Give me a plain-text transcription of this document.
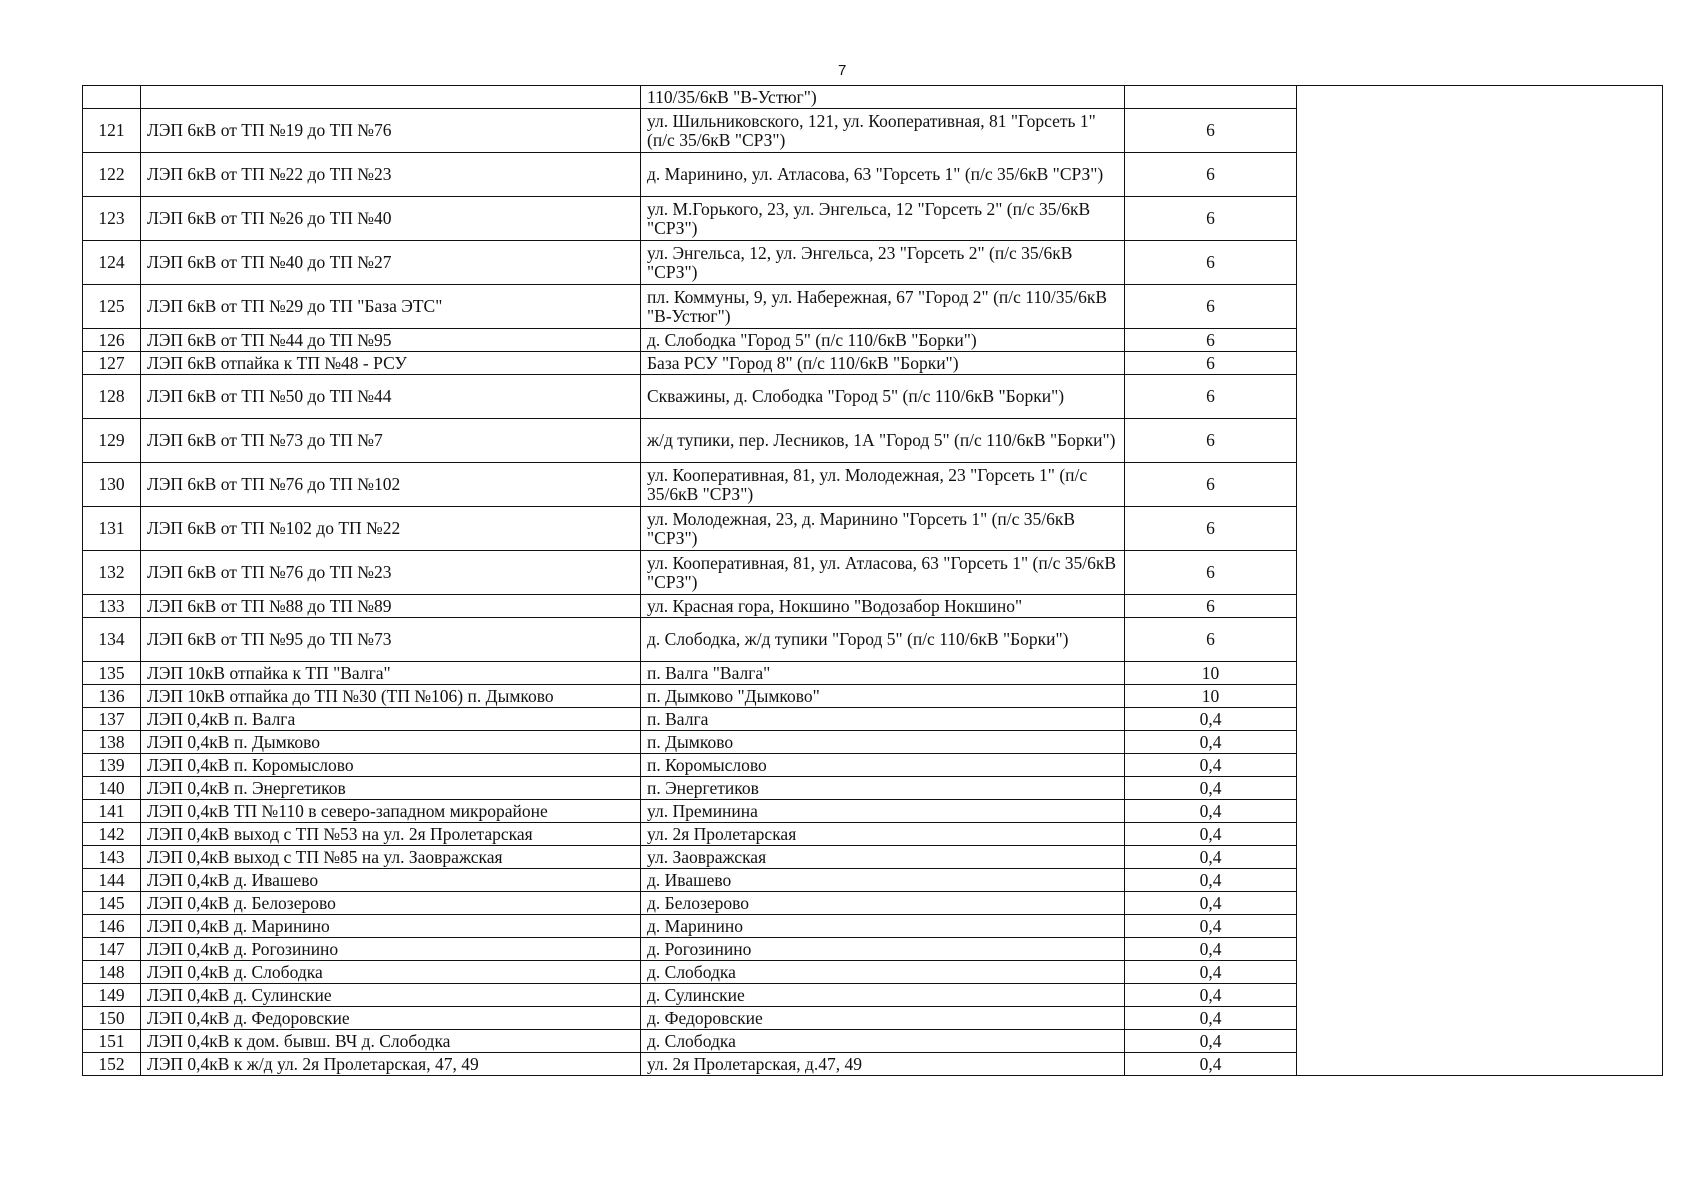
7
		110/35/6кВ "В-Устюг")		
121	ЛЭП 6кВ от ТП №19 до ТП №76	ул. Шильниковского, 121, ул. Кооперативная, 81 "Горсеть 1" (п/с 35/6кВ "СРЗ")	6	
122	ЛЭП 6кВ от ТП №22 до ТП №23	д. Маринино, ул. Атласова, 63 "Горсеть 1" (п/с 35/6кВ "СРЗ")	6	
123	ЛЭП 6кВ от ТП №26 до ТП №40	ул. М.Горького, 23, ул. Энгельса, 12 "Горсеть 2" (п/с 35/6кВ "СРЗ")	6	
124	ЛЭП 6кВ от ТП №40 до ТП №27	ул. Энгельса, 12, ул. Энгельса, 23 "Горсеть 2" (п/с 35/6кВ "СРЗ")	6	
125	ЛЭП 6кВ от ТП №29 до ТП "База ЭТС"	пл. Коммуны, 9, ул. Набережная, 67 "Город 2" (п/с 110/35/6кВ "В-Устюг")	6	
126	ЛЭП 6кВ от ТП №44 до ТП №95	д. Слободка "Город 5" (п/с 110/6кВ "Борки")	6	
127	ЛЭП 6кВ отпайка к ТП №48 - РСУ	База РСУ "Город 8" (п/с 110/6кВ "Борки")	6	
128	ЛЭП 6кВ от ТП №50 до ТП №44	Скважины, д. Слободка "Город 5" (п/с 110/6кВ "Борки")	6	
129	ЛЭП 6кВ от ТП №73 до ТП №7	ж/д тупики, пер. Лесников, 1А "Город 5" (п/с 110/6кВ "Борки")	6	
130	ЛЭП 6кВ от ТП №76 до ТП №102	ул. Кооперативная, 81, ул. Молодежная, 23 "Горсеть 1" (п/с 35/6кВ "СРЗ")	6	
131	ЛЭП 6кВ от ТП №102 до ТП №22	ул. Молодежная, 23, д. Маринино "Горсеть 1" (п/с 35/6кВ "СРЗ")	6	
132	ЛЭП 6кВ от ТП №76 до ТП №23	ул. Кооперативная, 81, ул. Атласова, 63 "Горсеть 1" (п/с 35/6кВ "СРЗ")	6	
133	ЛЭП 6кВ от ТП №88 до ТП №89	ул. Красная гора, Нокшино "Водозабор Нокшино"	6	
134	ЛЭП 6кВ от ТП №95 до ТП №73	д. Слободка, ж/д тупики "Город 5" (п/с 110/6кВ "Борки")	6	
135	ЛЭП 10кВ отпайка к ТП "Валга"	п. Валга "Валга"	10	
136	ЛЭП 10кВ отпайка до ТП №30 (ТП №106) п. Дымково	п. Дымково "Дымково"	10	
137	ЛЭП 0,4кВ п. Валга	п. Валга	0,4	
138	ЛЭП 0,4кВ п. Дымково	п. Дымково	0,4	
139	ЛЭП 0,4кВ п. Коромыслово	п. Коромыслово	0,4	
140	ЛЭП 0,4кВ п. Энергетиков	п. Энергетиков	0,4	
141	ЛЭП 0,4кВ ТП №110 в северо-западном микрорайоне	ул. Преминина	0,4	
142	ЛЭП 0,4кВ выход с ТП №53 на ул. 2я Пролетарская	ул. 2я Пролетарская	0,4	
143	ЛЭП 0,4кВ выход с ТП №85 на ул. Заовражская	ул. Заовражская	0,4	
144	ЛЭП 0,4кВ д. Ивашево	д. Ивашево	0,4	
145	ЛЭП 0,4кВ д. Белозерово	д. Белозерово	0,4	
146	ЛЭП 0,4кВ д. Маринино	д. Маринино	0,4	
147	ЛЭП 0,4кВ д. Рогозинино	д. Рогозинино	0,4	
148	ЛЭП 0,4кВ д. Слободка	д. Слободка	0,4	
149	ЛЭП 0,4кВ д. Сулинские	д. Сулинские	0,4	
150	ЛЭП 0,4кВ д. Федоровские	д. Федоровские	0,4	
151	ЛЭП 0,4кВ к дом. бывш. ВЧ д. Слободка	д. Слободка	0,4	
152	ЛЭП 0,4кВ к ж/д ул. 2я Пролетарская, 47, 49	ул. 2я Пролетарская, д.47, 49	0,4	
